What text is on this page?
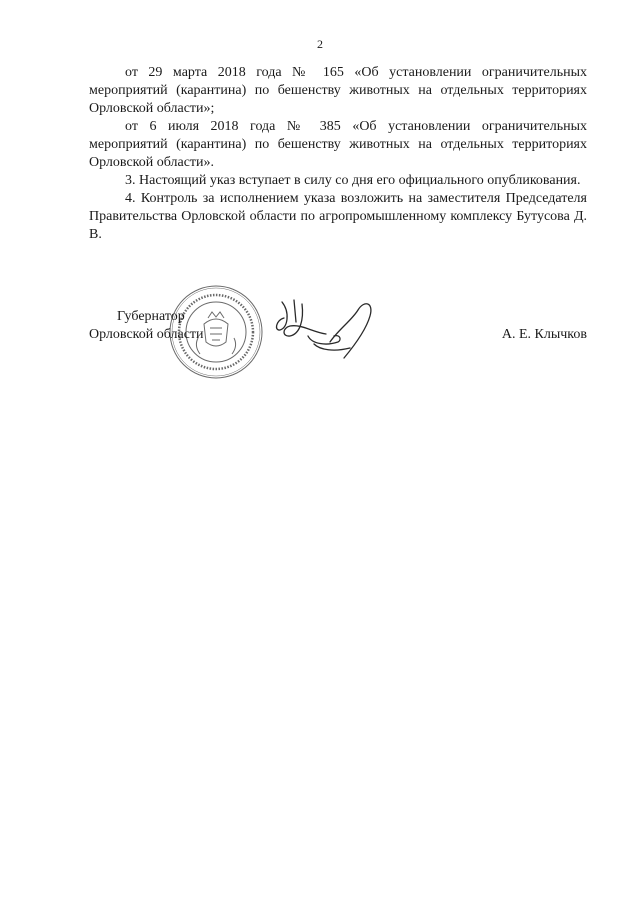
2

от 29 марта 2018 года № 165 «Об установлении ограничительных мероприятий (карантина) по бешенству животных на отдельных территориях Орловской области»;

от 6 июля 2018 года № 385 «Об установлении ограничительных мероприятий (карантина) по бешенству животных на отдельных территориях Орловской области».

3. Настоящий указ вступает в силу со дня его официального опубликования.

4. Контроль за исполнением указа возложить на заместителя Председателя Правительства Орловской области по агропромышленному комплексу Бутусова Д. В.

Губернатор
Орловской области	А. Е. Клычков
